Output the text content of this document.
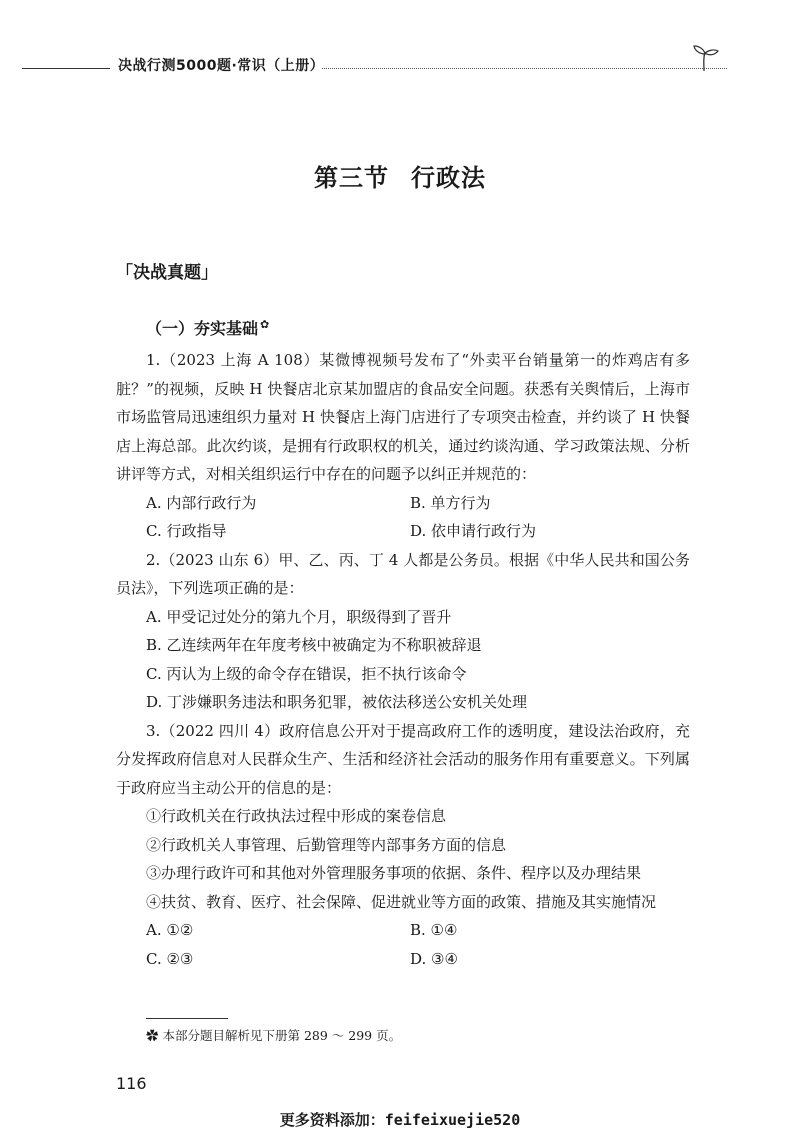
决战行测5000题·常识（上册）
第三节 行政法
「决战真题」
（一）夯实基础 ✿

1.（2023 上海 A 108）某微博视频号发布了“外卖平台销量第一的炸鸡店有多脏？”的视频，反映 H 快餐店北京某加盟店的食品安全问题。获悉有关舆情后，上海市市场监管局迅速组织力量对 H 快餐店上海门店进行了专项突击检查，并约谈了 H 快餐店上海总部。此次约谈，是拥有行政职权的机关，通过约谈沟通、学习政策法规、分析讲评等方式，对相关组织运行中存在的问题予以纠正并规范的：

A. 内部行政行为	B. 单方行为
C. 行政指导	D. 依申请行政行为

2.（2023 山东 6）甲、乙、丙、丁 4 人都是公务员。根据《中华人民共和国公务员法》，下列选项正确的是：

A. 甲受记过处分的第九个月，职级得到了晋升

B. 乙连续两年在年度考核中被确定为不称职被辞退

C. 丙认为上级的命令存在错误，拒不执行该命令

D. 丁涉嫌职务违法和职务犯罪，被依法移送公安机关处理

3.（2022 四川 4）政府信息公开对于提高政府工作的透明度，建设法治政府，充分发挥政府信息对人民群众生产、生活和经济社会活动的服务作用有重要意义。下列属于政府应当主动公开的信息的是：

①行政机关在行政执法过程中形成的案卷信息

②行政机关人事管理、后勤管理等内部事务方面的信息

③办理行政许可和其他对外管理服务事项的依据、条件、程序以及办理结果

④扶贫、教育、医疗、社会保障、促进就业等方面的政策、措施及其实施情况

A. ①②	B. ①④
C. ②③	D. ③④
✿ 本部分题目解析见下册第 289 ～ 299 页。
116
更多资料添加：feifeixuejie520
